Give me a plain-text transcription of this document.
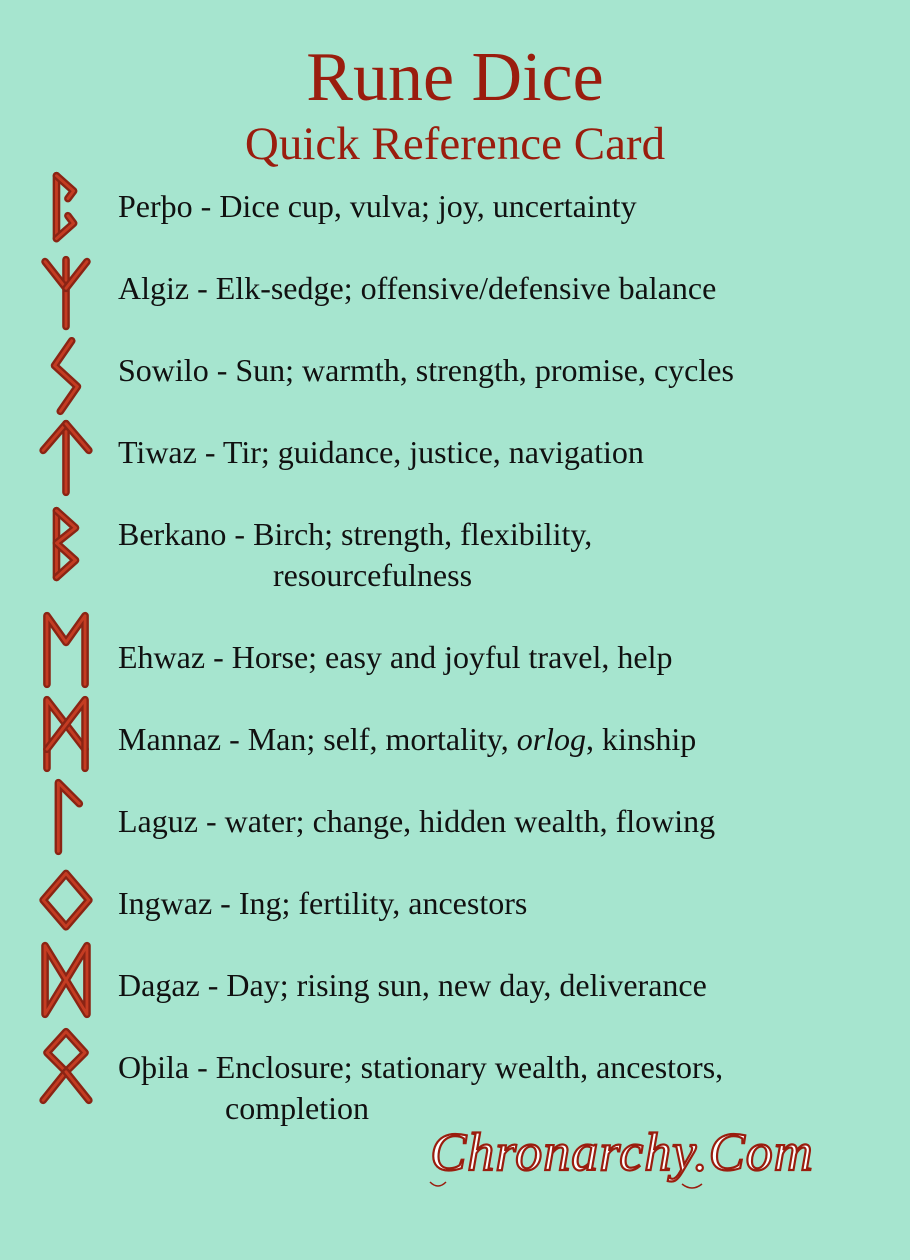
Rune Dice
Quick Reference Card
Perþo - Dice cup, vulva; joy, uncertainty
Algiz - Elk-sedge; offensive/defensive balance
Sowilo - Sun; warmth, strength, promise, cycles
Tiwaz - Tir; guidance, justice, navigation
Berkano - Birch; strength, flexibility,
resourcefulness
Ehwaz - Horse; easy and joyful travel, help
Mannaz - Man; self, mortality, orlog, kinship
Laguz - water; change, hidden wealth, flowing
Ingwaz - Ing; fertility, ancestors
Dagaz - Day; rising sun, new day, deliverance
Oþila - Enclosure; stationary wealth, ancestors,
completion
Chronarchy.Com
